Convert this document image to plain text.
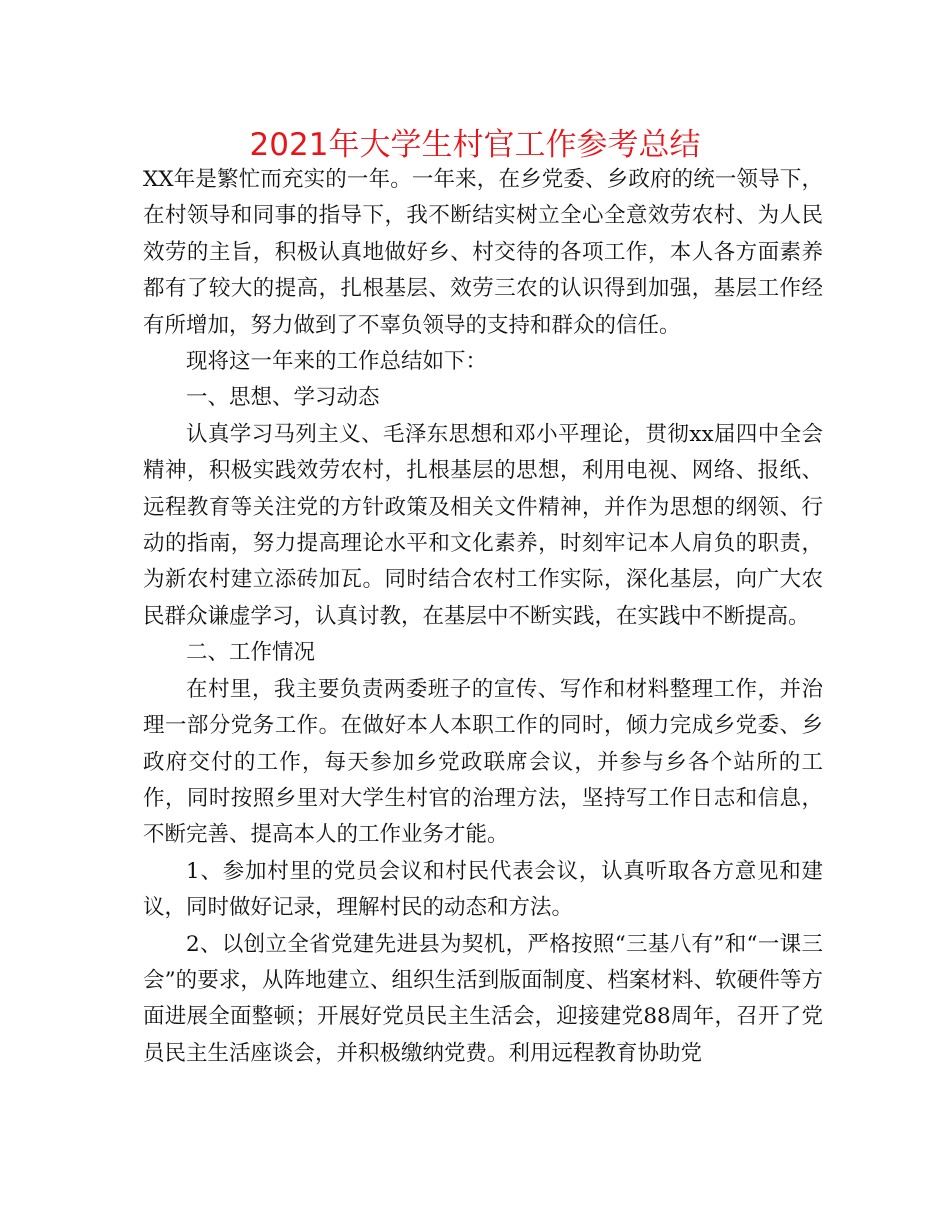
2021年大学生村官工作参考总结

XX年是繁忙而充实的一年。一年来，在乡党委、乡政府的统一领导下，在村领导和同事的指导下，我不断结实树立全心全意效劳农村、为人民效劳的主旨，积极认真地做好乡、村交待的各项工作，本人各方面素养都有了较大的提高，扎根基层、效劳三农的认识得到加强，基层工作经有所增加，努力做到了不辜负领导的支持和群众的信任。

现将这一年来的工作总结如下：

一、思想、学习动态

认真学习马列主义、毛泽东思想和邓小平理论，贯彻xx届四中全会精神，积极实践效劳农村，扎根基层的思想，利用电视、网络、报纸、远程教育等关注党的方针政策及相关文件精神，并作为思想的纲领、行动的指南，努力提高理论水平和文化素养，时刻牢记本人肩负的职责，为新农村建立添砖加瓦。同时结合农村工作实际，深化基层，向广大农民群众谦虚学习，认真讨教，在基层中不断实践，在实践中不断提高。

二、工作情况

在村里，我主要负责两委班子的宣传、写作和材料整理工作，并治理一部分党务工作。在做好本人本职工作的同时，倾力完成乡党委、乡政府交付的工作，每天参加乡党政联席会议，并参与乡各个站所的工作，同时按照乡里对大学生村官的治理方法，坚持写工作日志和信息，不断完善、提高本人的工作业务才能。

1、参加村里的党员会议和村民代表会议，认真听取各方意见和建议，同时做好记录，理解村民的动态和方法。

2、以创立全省党建先进县为契机，严格按照“三基八有”和“一课三会”的要求，从阵地建立、组织生活到版面制度、档案材料、软硬件等方面进展全面整顿；开展好党员民主生活会，迎接建党88周年，召开了党员民主生活座谈会，并积极缴纳党费。利用远程教育协助党
